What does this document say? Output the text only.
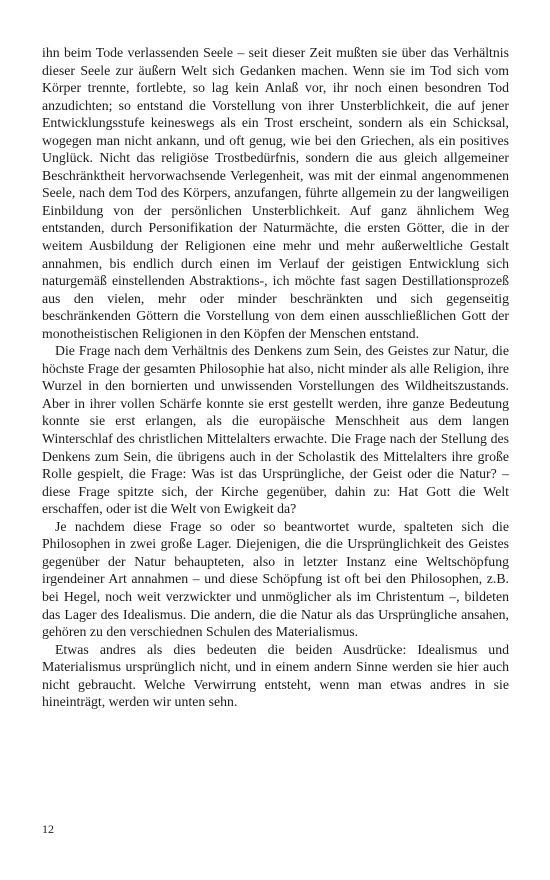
ihn beim Tode verlassenden Seele – seit dieser Zeit mußten sie über das Verhältnis dieser Seele zur äußern Welt sich Gedanken machen. Wenn sie im Tod sich vom Körper trennte, fortlebte, so lag kein Anlaß vor, ihr noch einen besondren Tod anzudichten; so entstand die Vorstellung von ihrer Unsterblichkeit, die auf jener Entwicklungsstufe keineswegs als ein Trost erscheint, sondern als ein Schicksal, wogegen man nicht ankann, und oft genug, wie bei den Griechen, als ein positives Unglück. Nicht das religiöse Trostbedürfnis, sondern die aus gleich allgemeiner Beschränktheit hervorwachsende Verlegenheit, was mit der einmal angenommenen Seele, nach dem Tod des Körpers, anzufangen, führte allgemein zu der langweiligen Einbildung von der persönlichen Unsterblichkeit. Auf ganz ähnlichem Weg entstanden, durch Personifikation der Naturmächte, die ersten Götter, die in der weitem Ausbildung der Religionen eine mehr und mehr außerweltliche Gestalt annahmen, bis endlich durch einen im Verlauf der geistigen Entwicklung sich naturgemäß einstellenden Abstraktions-, ich möchte fast sagen Destillationsprozeß aus den vielen, mehr oder minder beschränkten und sich gegenseitig beschränkenden Göttern die Vorstellung von dem einen ausschließlichen Gott der monotheistischen Religionen in den Köpfen der Menschen entstand.

Die Frage nach dem Verhältnis des Denkens zum Sein, des Geistes zur Natur, die höchste Frage der gesamten Philosophie hat also, nicht minder als alle Religion, ihre Wurzel in den bornierten und unwissenden Vorstellungen des Wildheitszustands. Aber in ihrer vollen Schärfe konnte sie erst gestellt werden, ihre ganze Bedeutung konnte sie erst erlangen, als die europäische Menschheit aus dem langen Winterschlaf des christlichen Mittelalters erwachte. Die Frage nach der Stellung des Denkens zum Sein, die übrigens auch in der Scholastik des Mittelalters ihre große Rolle gespielt, die Frage: Was ist das Ursprüngliche, der Geist oder die Natur? – diese Frage spitzte sich, der Kirche gegenüber, dahin zu: Hat Gott die Welt erschaffen, oder ist die Welt von Ewigkeit da?

Je nachdem diese Frage so oder so beantwortet wurde, spalteten sich die Philosophen in zwei große Lager. Diejenigen, die die Ursprünglichkeit des Geistes gegenüber der Natur behaupteten, also in letzter Instanz eine Weltschöpfung irgendeiner Art annahmen – und diese Schöpfung ist oft bei den Philosophen, z.B. bei Hegel, noch weit verzwickter und unmöglicher als im Christentum –, bildeten das Lager des Idealismus. Die andern, die die Natur als das Ursprüngliche ansahen, gehören zu den verschiednen Schulen des Materialismus.

Etwas andres als dies bedeuten die beiden Ausdrücke: Idealismus und Materialismus ursprünglich nicht, und in einem andern Sinne werden sie hier auch nicht gebraucht. Welche Verwirrung entsteht, wenn man etwas andres in sie hineinträgt, werden wir unten sehn.

12
